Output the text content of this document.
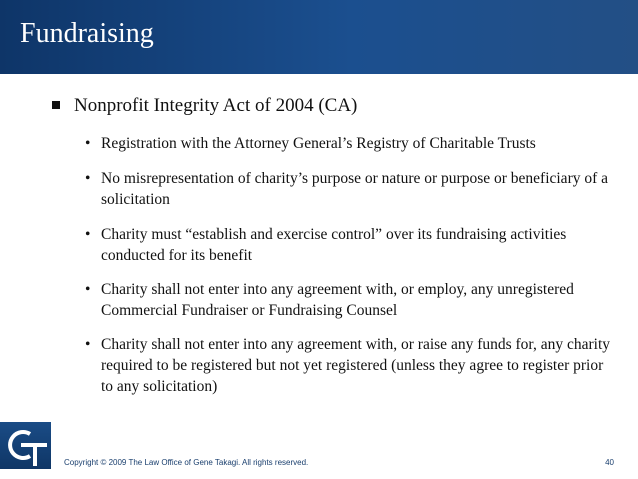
Fundraising
Nonprofit Integrity Act of 2004 (CA)
• Registration with the Attorney General’s Registry of Charitable Trusts
• No misrepresentation of charity’s purpose or nature or purpose or beneficiary of a solicitation
• Charity must “establish and exercise control” over its fundraising activities conducted for its benefit
• Charity shall not enter into any agreement with, or employ, any unregistered Commercial Fundraiser or Fundraising Counsel
• Charity shall not enter into any agreement with, or raise any funds for, any charity required to be registered but not yet registered (unless they agree to register prior to any solicitation)
Copyright © 2009 The Law Office of Gene Takagi. All rights reserved.	40
